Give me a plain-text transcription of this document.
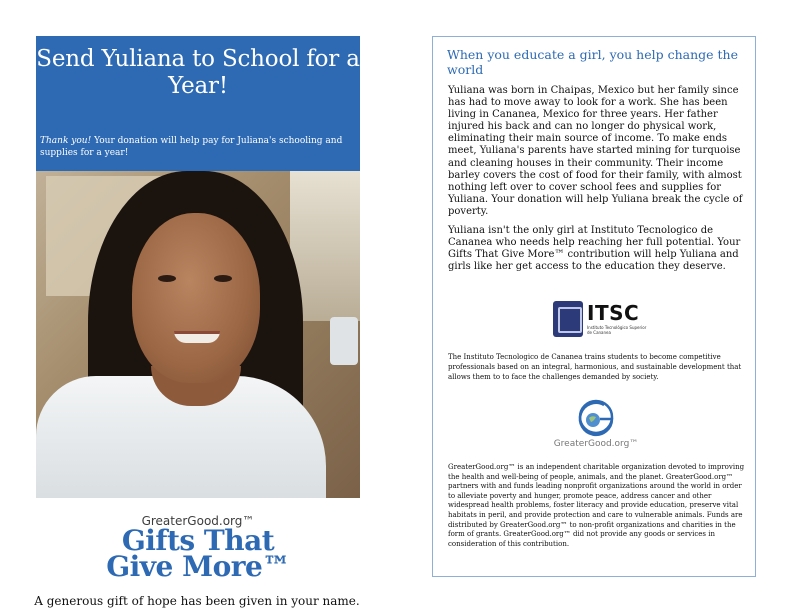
Send Yuliana to School for a Year!
Thank you! Your donation will help pay for Juliana's schooling and supplies for a year!
GreaterGood.org™
Gifts That
Give More™
A generous gift of hope has been given in your name.
When you educate a girl, you help change the world

Yuliana was born in Chaipas, Mexico but her family since has had to move away to look for a work. She has been living in Cananea, Mexico for three years. Her father injured his back and can no longer do physical work, eliminating their main source of income. To make ends meet, Yuliana's parents have started mining for turquoise and cleaning houses in their community. Their income barley covers the cost of food for their family, with almost nothing left over to cover school fees and supplies for Yuliana. Your donation will help Yuliana break the cycle of poverty.

Yuliana isn't the only girl at Instituto Tecnologico de Cananea who needs help reaching her full potential. Your Gifts That Give More™ contribution will help Yuliana and girls like her get access to the education they deserve.

ITSC
Instituto Tecnológico Superior de Cananea
The Instituto Tecnologico de Cananea trains students to become competitive professionals based on an integral, harmonious, and sustainable development that allows them to to face the challenges demanded by society.
GreaterGood.org™
GreaterGood.org™ is an independent charitable organization devoted to improving the health and well-being of people, animals, and the planet. GreaterGood.org™ partners with and funds leading nonprofit organizations around the world in order to alleviate poverty and hunger, promote peace, address cancer and other widespread health problems, foster literacy and provide education, preserve vital habitats in peril, and provide protection and care to vulnerable animals. Funds are distributed by GreaterGood.org™ to non-profit organizations and charities in the form of grants. GreaterGood.org™ did not provide any goods or services in consideration of this contribution.
